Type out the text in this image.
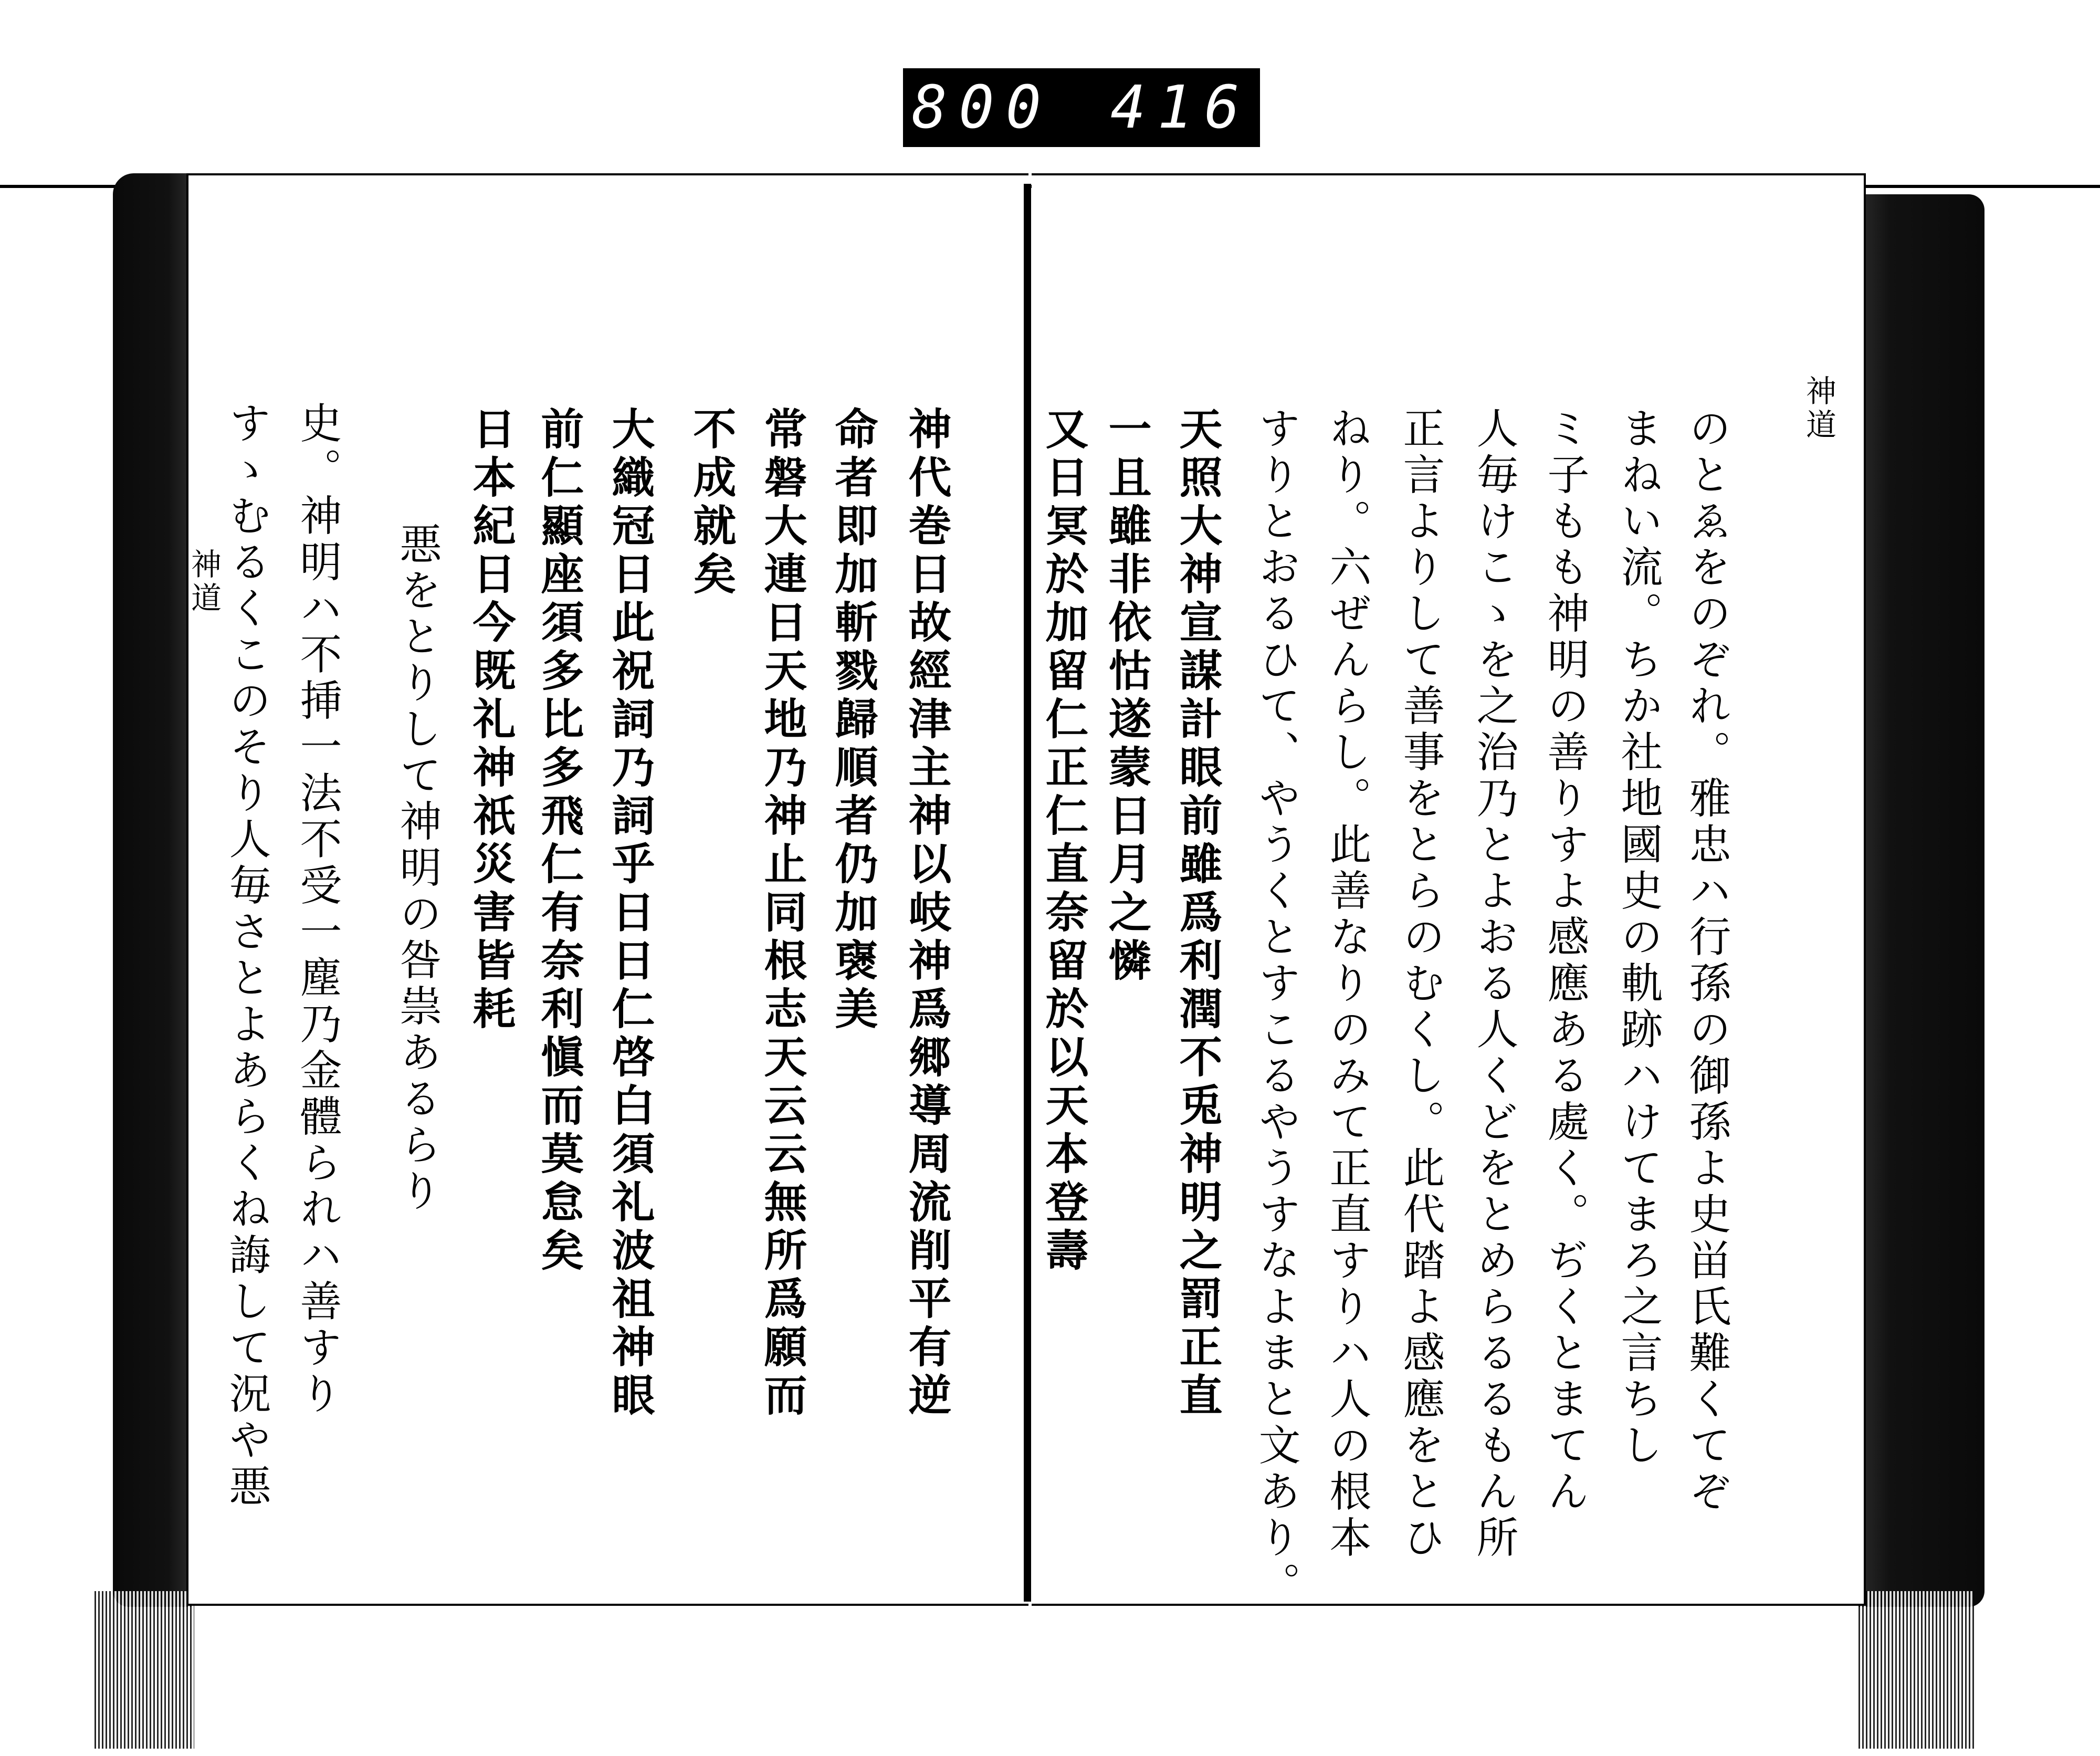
800 416
神道 すゝむるくこのそり人毎さとよあらくね誨して況や悪 史。神明ハ不挿一法不受一塵乃金體られハ善すり 悪をとりして神明の咎祟あるらり 日本紀日今既礼神祇災害皆耗 前仁顯座須多比多飛仁有奈利愼而莫怠矣 大織冠日此祝詞乃詞乎日日仁啓白須礼波祖神眼 不成就矣 常磐大連日天地乃神止同根志天云云無所爲願而 命者即加斬戮歸順者仍加襃美 神代巻日故經津主神以岐神爲郷導周流削平有逆 又日冥於加留仁正仁直奈留於以天本登壽 一且雖非依怙遂蒙日月之憐 天照大神宣謀計眼前雖爲利潤不兎神明之罰正直 すりとおるひて、やうくとすこるやうすなよまと文あり。 ねり。六ぜんらし。此善なりのみて正直すりハ人の根本 正言よりして善事をとらのむくし。此代踏よ感應をとひ 人毎けこゝを之治乃とよおる人くどをとめらるるもん所 ミ子もも神明の善りすよ感應ある處く。ぢくとまてん まねい流。ちか社地國史の軌跡ハけてまろ之言ちし のとゑをのぞれ。雅忠ハ行孫の御孫よ史畄氏難くてぞ 神道
